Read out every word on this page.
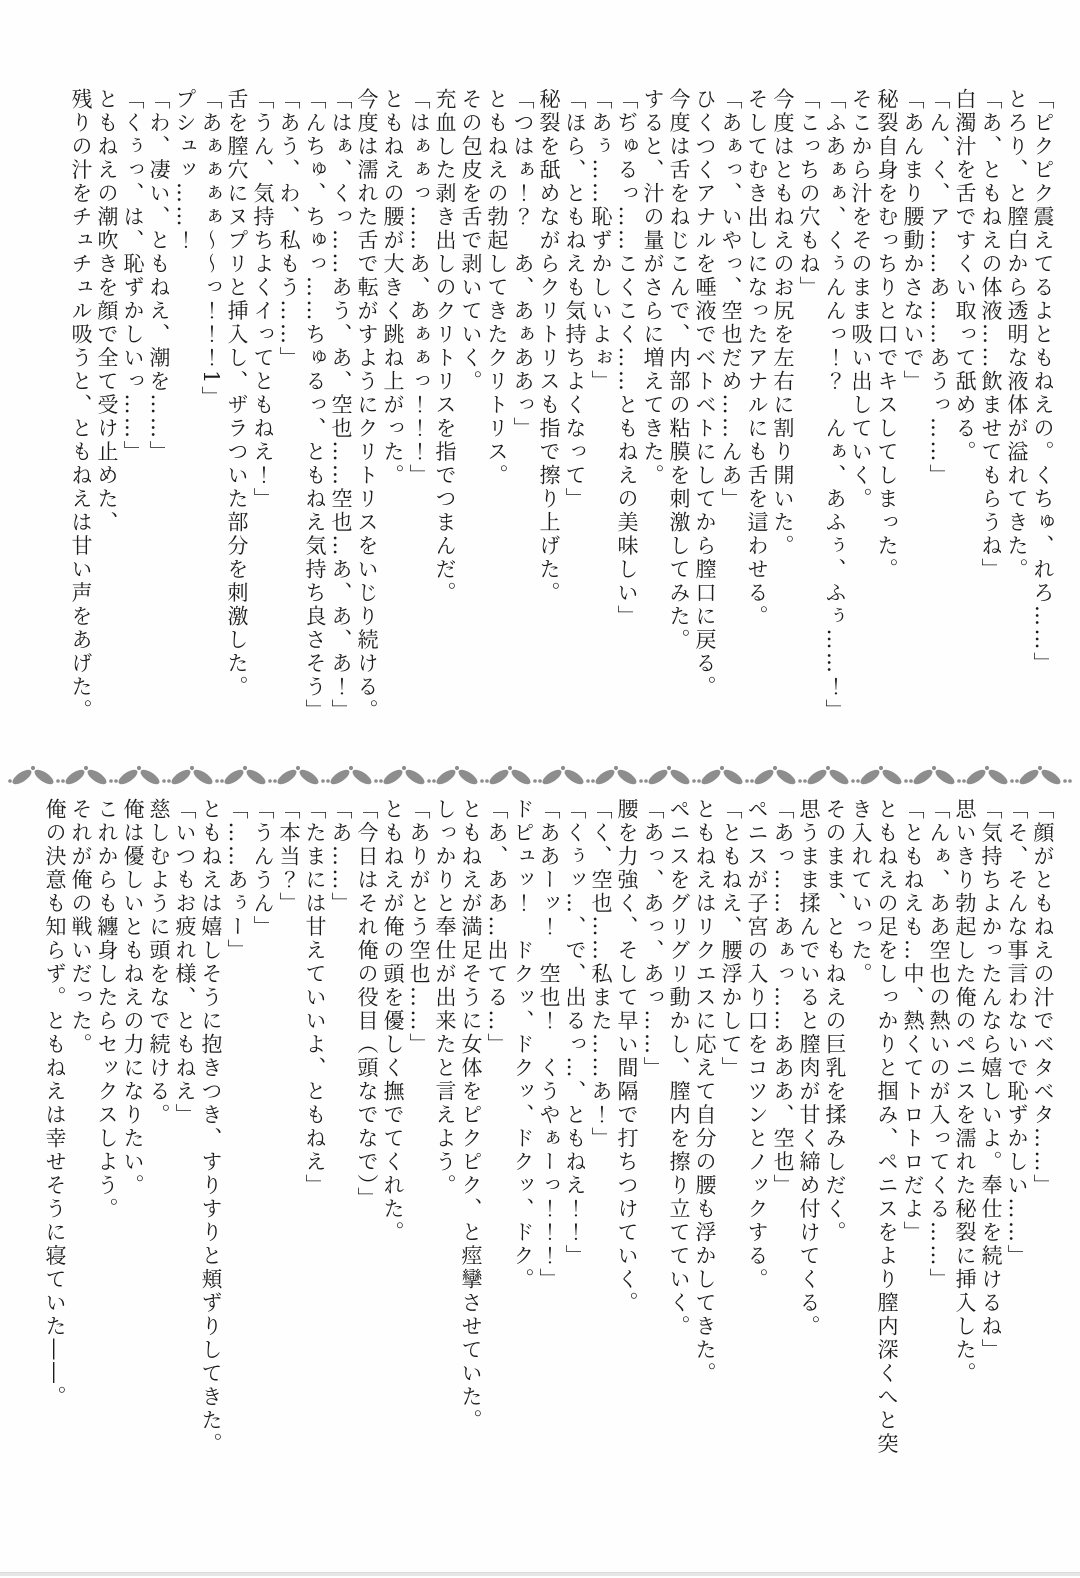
「ピクピク震えてるよともねえの。くちゅ、れろ……」

とろり、と膣白から透明な液体が溢れてきた。

「あ、ともねえの体液……飲ませてもらうね」

白濁汁を舌ですくい取って舐める。

「ん、く、ア……あ……あうっ……」

「あんまり腰動かさないで」

秘裂自身をむっちりと口でキスしてしまった。

そこから汁をそのまま吸い出していく。

「ふあぁぁ、くぅんんっ！？　んぁ、あふぅ、ふぅ……！」

「こっちの穴もね」

今度はともねえのお尻を左右に割り開いた。

そしてむき出しになったアナルにも舌を這わせる。

「あぁっ、いやっ、空也だめ……んあ」

ひくつくアナルを唾液でベトベトにしてから膣口に戻る。

今度は舌をねじこんで、内部の粘膜を刺激してみた。

すると、汁の量がさらに増えてきた。

「ぢゅるっ……こくこく……ともねえの美味しい」

「あぅ……恥ずかしいよぉ」

「ほら、ともねえも気持ちよくなって」

秘裂を舐めながらクリトリスも指で擦り上げた。

「つはぁ！？　あ、あぁああっ」

ともねえの勃起してきたクリトリス。

その包皮を舌で剥いていく。

充血した剥き出しのクリトリスを指でつまんだ。

「はぁぁっ……あ、あぁぁっ！！！」

ともねえの腰が大きく跳ね上がった。

今度は濡れた舌で転がすようにクリトリスをいじり続ける。

「はぁ、くっ……あう、あ、空也……空也…あ、あ、あ！」

「んちゅ、ちゅっ……ちゅるっ、ともねえ気持ち良さそう」

「あう、わ、私もう……」

「うん、気持ちよくイってともねえ！」

舌を膣穴にヌプリと挿入し、ザラついた部分を刺激した。

「あぁぁぁぁ～～っ！！！1」

プシュッ……！

「わ、凄い、ともねえ、潮を……」

「くぅっ、は、恥ずかしいっ……」

ともねえの潮吹きを顔で全て受け止めた、

残りの汁をチュチュル吸うと、ともねえは甘い声をあげた。

「顔がともねえの汁でベタベタ……」

「そ、そんな事言わないで恥ずかしい……」

「気持ちよかったんなら嬉しいよ。奉仕を続けるね」

思いきり勃起した俺のペニスを濡れた秘裂に挿入した。

「んぁ、ああ空也の熱いのが入ってくる……」

「ともねえも…中、熱くてトロトロだよ」

ともねえの足をしっかりと掴み、ペニスをより膣内深くへと突き入れていった。

そのまま、ともねえの巨乳を揉みしだく。

思うまま揉んでいると膣肉が甘く締め付けてくる。

「あっ……あぁっ……あああ、空也」

ペニスが子宮の入り口をコツンとノックする。

「ともねえ、腰浮かして」

ともねえはリクエスに応えて自分の腰も浮かしてきた。

ペニスをグリグリ動かし、膣内を擦り立てていく。

「あっ、あっ、あっ……」

腰を力強く、そして早い間隔で打ちつけていく。

「く、空也……私また……あ！」

「くぅッ…、で、出るっ…、ともねえ！！」

「ああーッ！　空也！　くうやぁーっ！！！」

ドピュッ！　ドクッ、ドクッ、ドクッ、ドク。

「あ、ああ…出てる…」

ともねえが満足そうに女体をピクピク、と痙攣させていた。

しっかりと奉仕が出来たと言えよう。

「ありがとう空也……」

ともねえが俺の頭を優しく撫でてくれた。

「今日はそれ俺の役目（頭なでなで）」

「あ……」

「たまには甘えていいよ、ともねえ」

「本当？」

「うんうん」

「……あぅー」

ともねえは嬉しそうに抱きつき、すりすりと頬ずりしてきた。

「いつもお疲れ様、ともねえ」

慈しむように頭をなで続ける。

俺は優しいともねえの力になりたい。

これからも纏身したらセックスしよう。

それが俺の戦いだった。

俺の決意も知らず。ともねえは幸せそうに寝ていた――。
